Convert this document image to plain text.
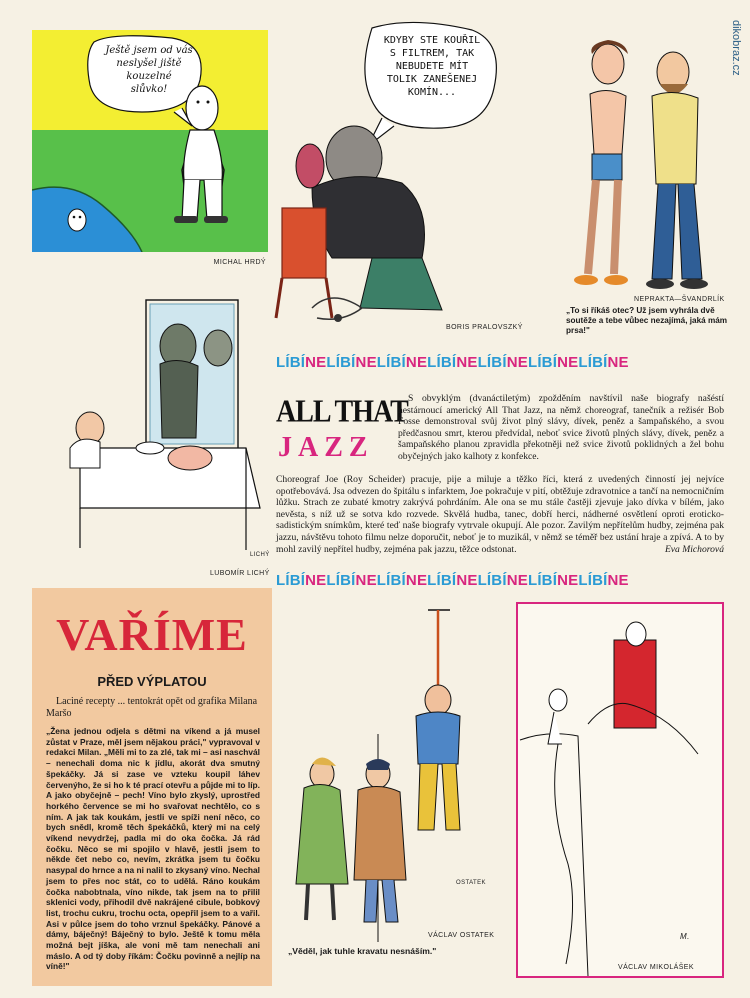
dikobraz.cz
Ještě jsem od vás
neslyšel jiště
kouzelné
slůvko!
MICHAL HRDÝ
KDYBY STE KOUŘIL
S FILTREM, TAK
NEBUDETE MÍT
TOLIK ZANEŠENEJ
KOMÍN...
NEPRAKTA—ŠVANDRLÍK
„To si říkáš otec? Už jsem vyhrála dvě soutěže a tebe vůbec nezajímá, jaká mám prsa!"
BORIS PRALOVSZKÝ
LICHÝ
LUBOMÍR LICHÝ
LÍBÍNELÍBÍNELÍBÍNELÍBÍNELÍBÍNELÍBÍNELÍBÍNE
LÍBÍNELÍBÍNELÍBÍNELÍBÍNELÍBÍNELÍBÍNELÍBÍNE
ALL THAT
JAZZ
S obvyklým (dvanáctiletým) zpožděním navštívil naše biografy našéstí nestárnoucí americký All That Jazz, na němž choreograf, tanečník a režisér Bob Fosse demonstroval svůj život plný slávy, dívek, peněz a šampaňského, a svou předčasnou smrt, kterou předvídal, neboť svice životů plných slávy, dívek, peněz a šampaňského planou zpravidla překotněji než svice životů poklidných a žel bohu obyčejných jako kalhoty z konfekce.
Choreograf Joe (Roy Scheider) pracuje, pije a miluje a těžko říci, která z uvedených činností jej nejvíce opotřebovává. Jsa odvezen do špitálu s infarktem, Joe pokračuje v pití, obtěžuje zdravotnice a tančí na nemocničním lůžku. Strach ze zubaté kmotry zakrývá pohrdáním. Ale ona se mu stále častěji zjevuje jako dívka v bílém, jako nevěsta, s níž už se sotva kdo rozvede. Skvělá hudba, tanec, dobří herci, nádherné osvětlení oproti eroticko-sadistickým snímkům, které teď naše biografy vytrvale okupují. Ale pozor. Zavilým nepřítelům hudby, zejména pak jazzu, návštěvu tohoto filmu nelze doporučit, neboť je to muzikál, v němž se téměř bez ustání hraje a zpívá. A to by mohl zavilý nepřítel hudby, zejména pak jazzu, těžce odstonat.	Eva Michorová
VAŘÍME
PŘED VÝPLATOU
Laciné recepty ... tentokrát opět od grafika Milana Maršo
„Žena jednou odjela s dětmi na víkend a já musel zůstat v Praze, měl jsem nějakou práci," vypravoval v redakci Milan. „Měli mi to za zlé, tak mi – asi naschvál – nenechali doma nic k jídlu, akorát dva smutný špekáčky. Já si zase ve vzteku koupil láhev červenýho, že si ho k té prací otevřu a půjde mi to líp. A jako obyčejně – pech! Víno bylo zkyslý, uprostřed horkého července se mi ho svařovat nechtělo, co s ním. A jak tak koukám, jestli ve spíži není něco, co bych snědl, kromě těch špekáčků, který mi na celý víkend nevydržej, padla mi do oka čočka. Já rád čočku. Něco se mi spojilo v hlavě, jestli jsem to někde čet nebo co, nevím, zkrátka jsem tu čočku nasypal do hrnce a na ni nalil to zkysaný víno. Nechal jsem to přes noc stát, co to udělá. Ráno koukám čočka nabobtnala, víno nikde, tak jsem na to přilil sklenici vody, přihodil dvě nakrájené cibule, bobkový list, trochu cukru, trochu octa, opepřil jsem to a vařil. Asi v půlce jsem do toho vrznul špekáčky. Pánové a dámy, báječný! Báječný to bylo. Ještě k tomu měla možná bejt jíška, ale voni mě tam nenechali ani máslo. A od tý doby říkám: Čočku povinně a nejlíp na víně!"
OSTATEK
VÁCLAV OSTATEK
„Věděl, jak tuhle kravatu nesnáším."
M.
VÁCLAV MIKOLÁŠEK
